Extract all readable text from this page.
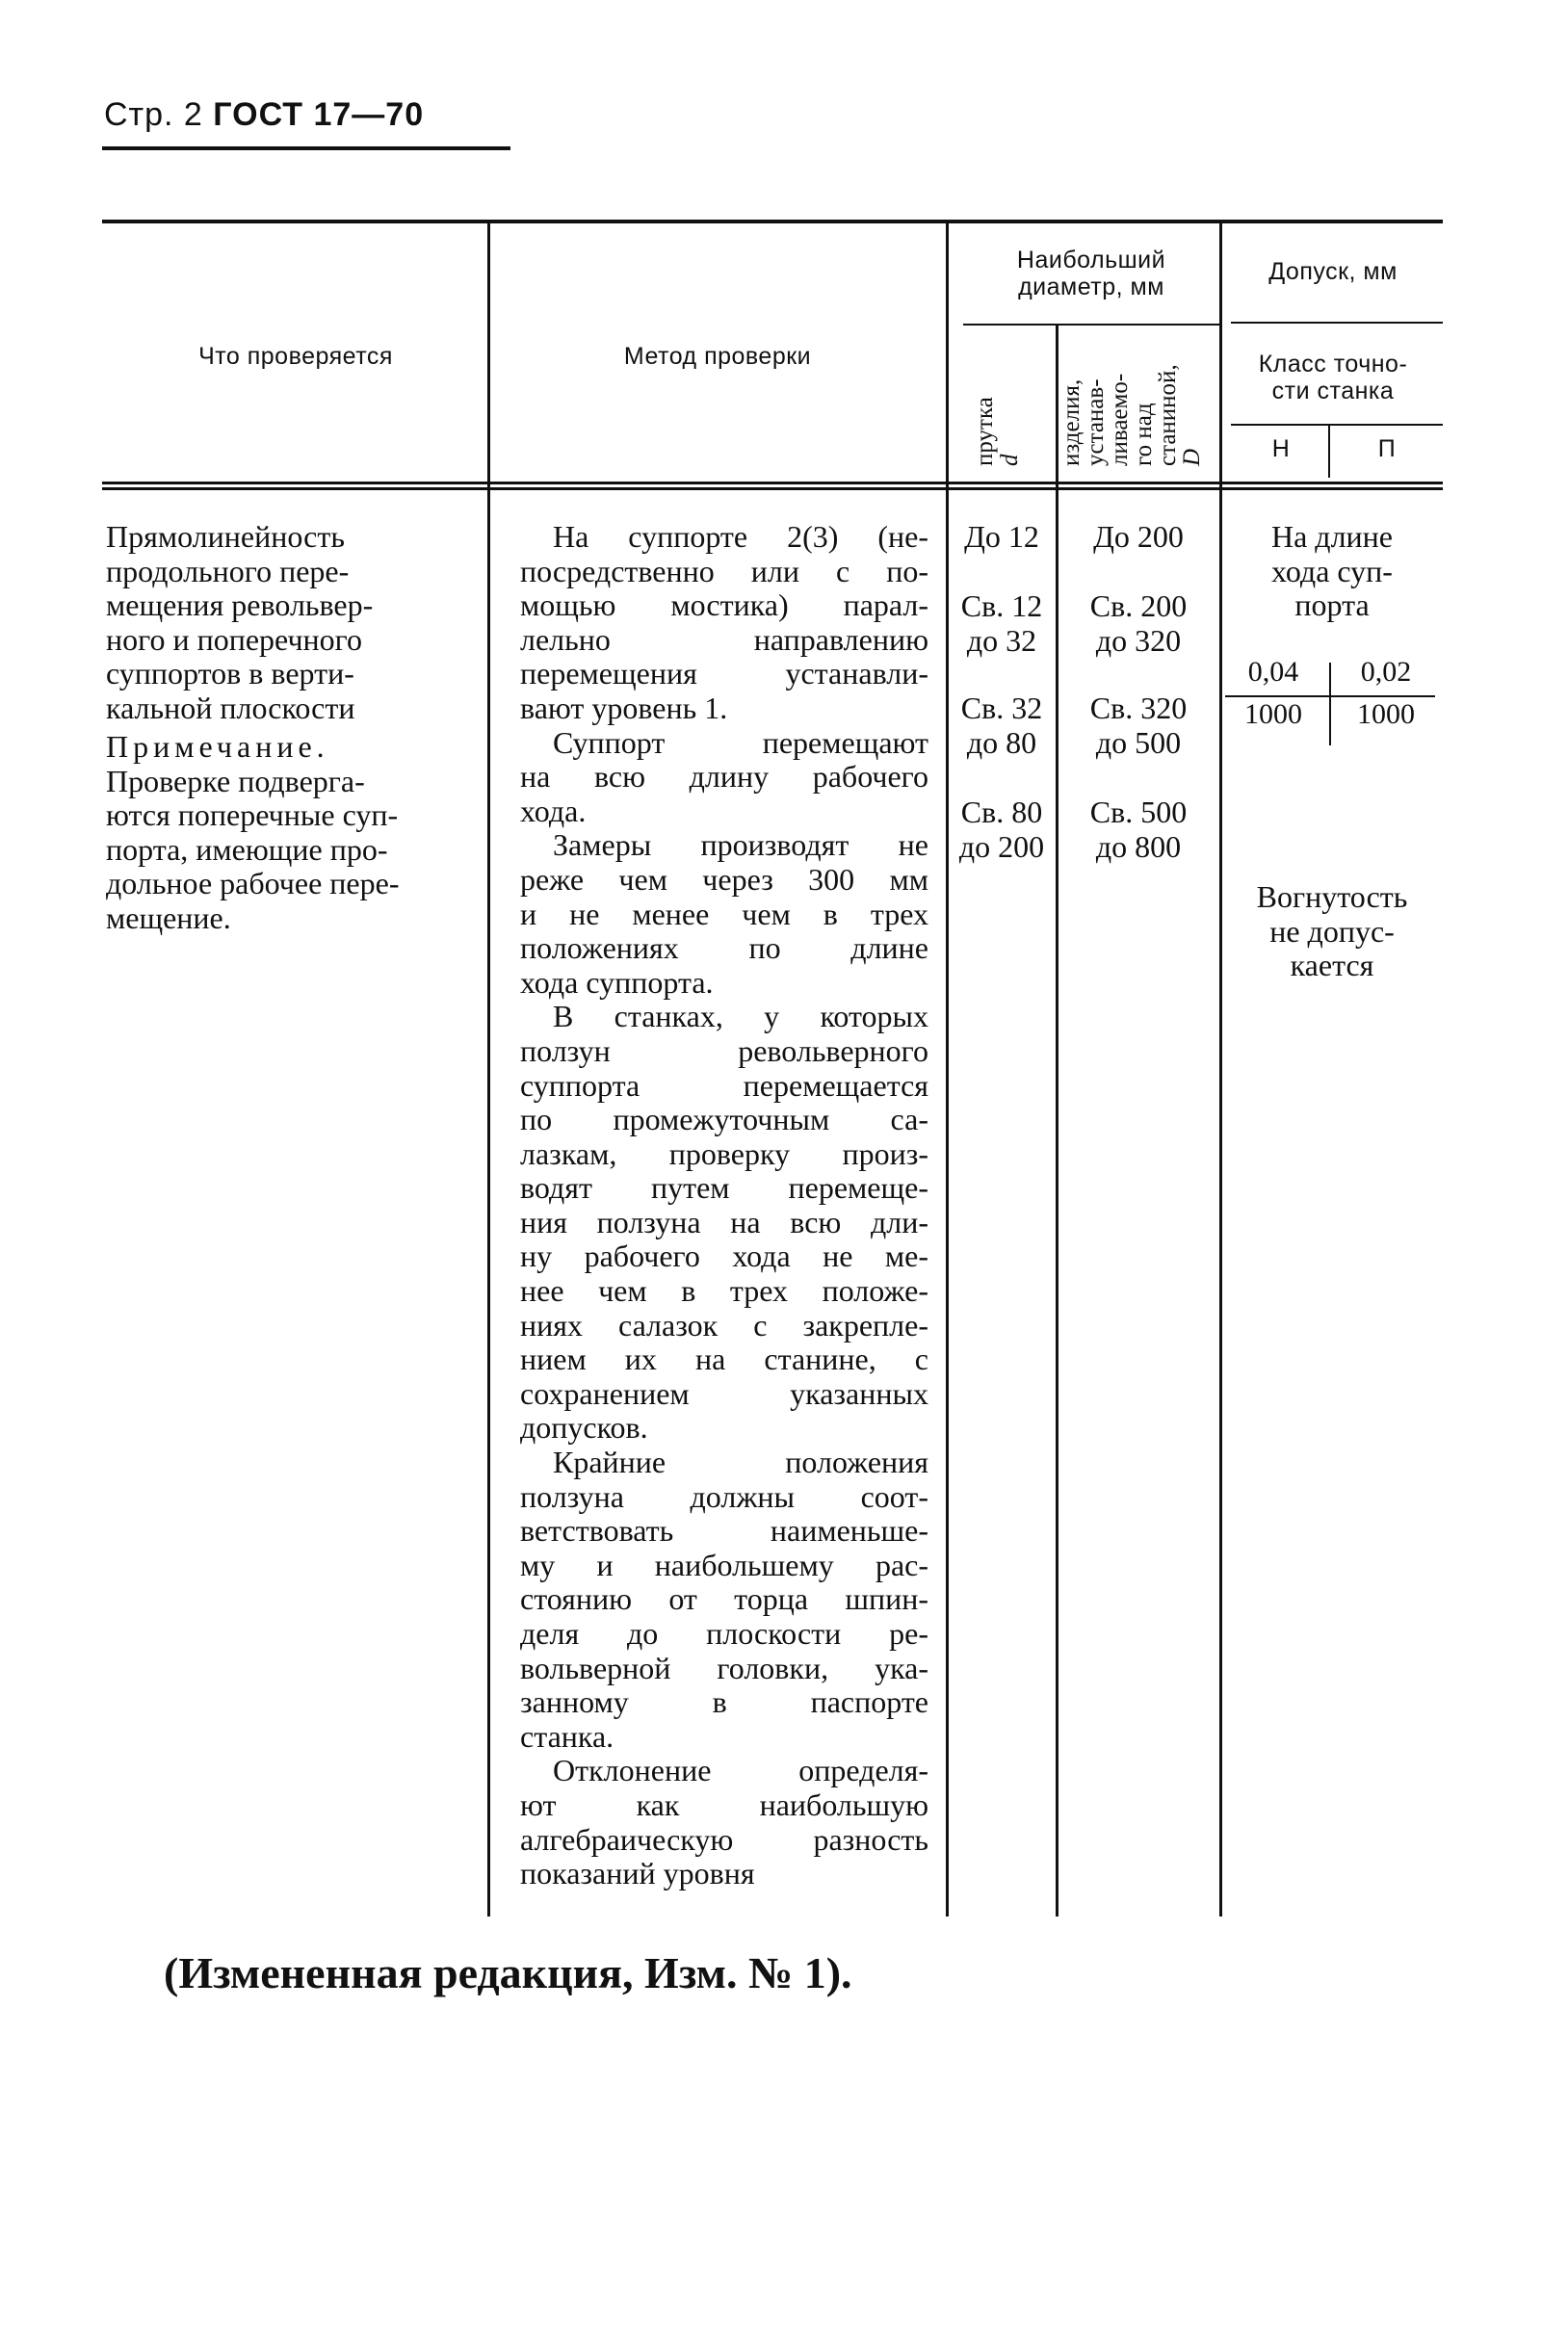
Стр. 2 ГОСТ 17—70
Что проверяется	Метод проверки
Наибольший
диаметр, мм
Допуск, мм
Класс точно-
сти станка
Н	П
прутка d изделия,
устанав-
ливаемо-
го над
станиной,
D
Прямолинейность
продольного пере-
мещения револьвер-
ного и поперечного
суппортов в верти-
кальной плоскости
Примечание.
Проверке подверга-
ются поперечные суп-
порта, имеющие про-
дольное рабочее пере-
мещение.
На суппорте 2(3) (не-
посредственно или с по-
мощью мостика) парал-
лельно направлению
перемещения устанавли-
вают уровень 1.
Суппорт перемещают
на всю длину рабочего
хода.
Замеры производят не
реже чем через 300 мм
и не менее чем в трех
положениях по длине
хода суппорта.
В станках, у которых
ползун револьверного
суппорта перемещается
по промежуточным са-
лазкам, проверку произ-
водят путем перемеще-
ния ползуна на всю дли-
ну рабочего хода не ме-
нее чем в трех положе-
ниях салазок с закрепле-
нием их на станине, с
сохранением указанных
допусков.
Крайние положения
ползуна должны соот-
ветствовать наименьше-
му и наибольшему рас-
стоянию от торца шпин-
деля до плоскости ре-
вольверной головки, ука-
занному в паспорте
станка.
Отклонение определя-
ют как наибольшую
алгебраическую разность
показаний уровня
До 12
Св. 12
до 32
Св. 32
до 80
Св. 80
до 200
До 200
Св. 200
до 320
Св. 320
до 500
Св. 500
до 800
На длине
хода суп-
порта
0,04
1000
0,02
1000
Вогнутость
не допус-
кается
(Измененная редакция, Изм. № 1).
